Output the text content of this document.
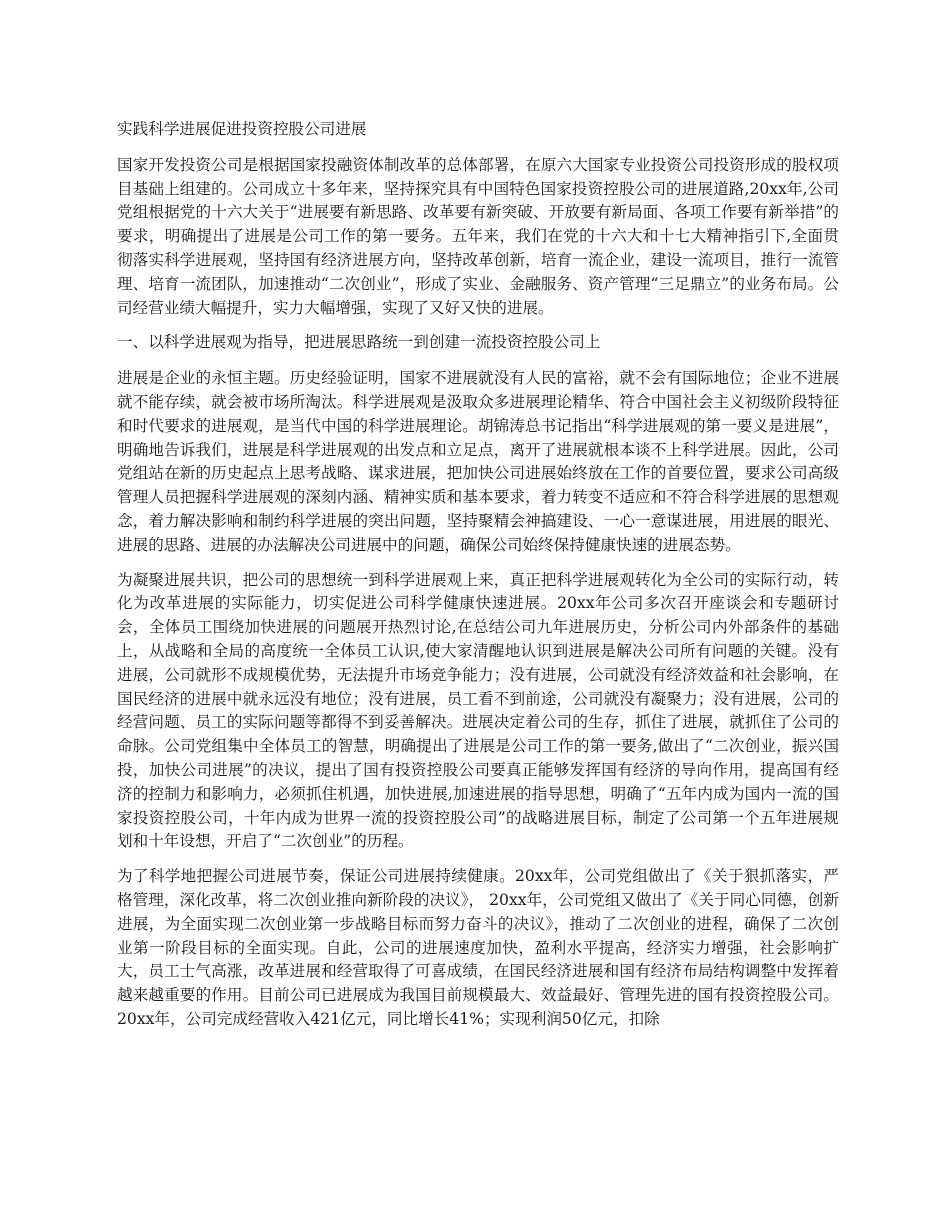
实践科学进展促进投资控股公司进展

国家开发投资公司是根据国家投融资体制改革的总体部署，在原六大国家专业投资公司投资形成的股权项目基础上组建的。公司成立十多年来，坚持探究具有中国特色国家投资控股公司的进展道路,20xx年,公司党组根据党的十六大关于“进展要有新思路、改革要有新突破、开放要有新局面、各项工作要有新举措”的要求，明确提出了进展是公司工作的第一要务。五年来，我们在党的十六大和十七大精神指引下,全面贯彻落实科学进展观，坚持国有经济进展方向，坚持改革创新，培育一流企业，建设一流项目，推行一流管理、培育一流团队，加速推动“二次创业”，形成了实业、金融服务、资产管理“三足鼎立”的业务布局。公司经营业绩大幅提升，实力大幅增强，实现了又好又快的进展。

一、以科学进展观为指导，把进展思路统一到创建一流投资控股公司上

进展是企业的永恒主题。历史经验证明，国家不进展就没有人民的富裕，就不会有国际地位；企业不进展就不能存续，就会被市场所淘汰。科学进展观是汲取众多进展理论精华、符合中国社会主义初级阶段特征和时代要求的进展观，是当代中国的科学进展理论。胡锦涛总书记指出“科学进展观的第一要义是进展”，明确地告诉我们，进展是科学进展观的出发点和立足点，离开了进展就根本谈不上科学进展。因此，公司党组站在新的历史起点上思考战略、谋求进展，把加快公司进展始终放在工作的首要位置，要求公司高级管理人员把握科学进展观的深刻内涵、精神实质和基本要求，着力转变不适应和不符合科学进展的思想观念，着力解决影响和制约科学进展的突出问题，坚持聚精会神搞建设、一心一意谋进展，用进展的眼光、进展的思路、进展的办法解决公司进展中的问题，确保公司始终保持健康快速的进展态势。

为凝聚进展共识，把公司的思想统一到科学进展观上来，真正把科学进展观转化为全公司的实际行动，转化为改革进展的实际能力，切实促进公司科学健康快速进展。20xx年公司多次召开座谈会和专题研讨会，全体员工围绕加快进展的问题展开热烈讨论,在总结公司九年进展历史，分析公司内外部条件的基础上，从战略和全局的高度统一全体员工认识,使大家清醒地认识到进展是解决公司所有问题的关键。没有进展，公司就形不成规模优势，无法提升市场竞争能力；没有进展，公司就没有经济效益和社会影响，在国民经济的进展中就永远没有地位；没有进展，员工看不到前途，公司就没有凝聚力；没有进展，公司的经营问题、员工的实际问题等都得不到妥善解决。进展决定着公司的生存，抓住了进展，就抓住了公司的命脉。公司党组集中全体员工的智慧，明确提出了进展是公司工作的第一要务,做出了“二次创业，振兴国投，加快公司进展”的决议，提出了国有投资控股公司要真正能够发挥国有经济的导向作用，提高国有经济的控制力和影响力，必须抓住机遇，加快进展,加速进展的指导思想，明确了“五年内成为国内一流的国家投资控股公司，十年内成为世界一流的投资控股公司”的战略进展目标，制定了公司第一个五年进展规划和十年设想，开启了“二次创业”的历程。

为了科学地把握公司进展节奏，保证公司进展持续健康。20xx年，公司党组做出了《关于狠抓落实，严格管理，深化改革，将二次创业推向新阶段的决议》， 20xx年，公司党组又做出了《关于同心同德，创新进展，为全面实现二次创业第一步战略目标而努力奋斗的决议》，推动了二次创业的进程，确保了二次创业第一阶段目标的全面实现。自此，公司的进展速度加快，盈利水平提高，经济实力增强，社会影响扩大，员工士气高涨，改革进展和经营取得了可喜成绩，在国民经济进展和国有经济布局结构调整中发挥着越来越重要的作用。目前公司已进展成为我国目前规模最大、效益最好、管理先进的国有投资控股公司。20xx年，公司完成经营收入421亿元，同比增长41%；实现利润50亿元，扣除
